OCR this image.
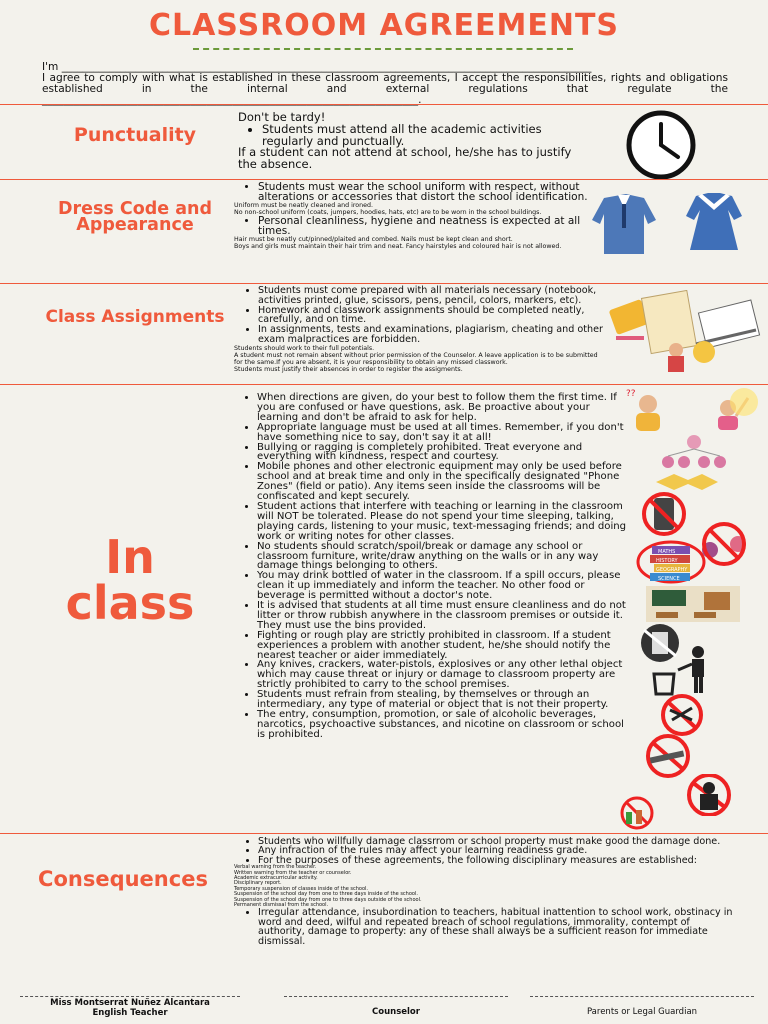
CLASSROOM AGREEMENTS

I'm ____________________________________________________________________________________________________

I agree to comply with what is established in these classroom agreements, I accept the responsibilities, rights and obligations established in the internal and external regulations that regulate the _______________________________________________________________________.

Punctuality
Don't be tardy!
• Students must attend all the academic activities regularly and punctually.
If a student can not attend at school, he/she has to justify the absence.
Dress Code and Appearance
• Students must wear the school uniform with respect, without alterations or accessories that distort the school identification.
Uniform must be neatly cleaned and ironed.
No non-school uniform (coats, jumpers, hoodies, hats, etc) are to be worn in the school buildings.
• Personal cleanliness, hygiene and neatness is expected at all times.
Hair must be neatly cut/pinned/plaited and combed. Nails must be kept clean and short.
Boys and girls must maintain their hair trim and neat. Fancy hairstyles and coloured hair is not allowed.
Class Assignments
• Students must come prepared with all materials necessary (notebook, activities printed, glue, scissors, pens, pencil, colors, markers, etc).
• Homework and classwork assignments should be completed neatly, carefully, and on time.
• In assignments, tests and examinations, plagiarism, cheating and other exam malpractices are forbidden.
Students should work to their full potentials.
A student must not remain absent without prior permission of the Counselor. A leave application is to be submitted for the same.If you are absent, it is your responsibility to obtain any missed classwork.
Students must justify their absences in order to register the assigments.
In
class
• When directions are given, do your best to follow them the first time. If you are confused or have questions, ask. Be proactive about your learning and don't be afraid to ask for help.
• Appropriate language must be used at all times. Remember, if you don't have something nice to say, don't say it at all!
• Bullying or ragging is completely prohibited. Treat everyone and everything with kindness, respect and courtesy.
• Mobile phones and other electronic equipment may only be used before school and at break time and only in the specifically designated "Phone Zones" (field or patio). Any items seen inside the classrooms will be confiscated and kept securely.
• Student actions that interfere with teaching or learning in the classroom will NOT be tolerated. Please do not spend your time sleeping, talking, playing cards, listening to your music, text-messaging friends; and doing work or writing notes for other classes.
• No students should scratch/spoil/break or damage any school or classroom furniture, write/draw anything on the walls or in any way damage things belonging to others.
• You may drink bottled of water in the classroom. If a spill occurs, please clean it up immediately and inform the teacher. No other food or beverage is permitted without a doctor's note.
• It is advised that students at all time must ensure cleanliness and do not litter or throw rubbish anywhere in the classroom premises or outside it. They must use the bins provided.
• Fighting or rough play are strictly prohibited in classroom. If a student experiences a problem with another student, he/she should notify the nearest teacher or aider immediately.
• Any knives, crackers, water-pistols, explosives or any other lethal object which may cause threat or injury or damage to classroom property are strictly prohibited to carry to the school premises.
• Students must refrain from stealing, by themselves or through an intermediary, any type of material or object that is not their property.
• The entry, consumption, promotion, or sale of alcoholic beverages, narcotics, psychoactive substances, and nicotine on classroom or school is prohibited.
??
MATHS
HISTORY
GEOGRAPHY
SCIENCE
Consequences
• Students who willfully damage classrrom or school property must make good the damage done.
• Any infraction of the rules may affect your learning readiness grade.
• For the purposes of these agreements, the following disciplinary measures are established:
Verbal warning from the teacher.
Written warning from the teacher or counselor.
Academic extracurricular activity.
Disciplinary report.
Temporary suspension of classes inside of the school.
Suspension of the school day from one to three days inside of the school.
Suspension of the school day from one to three days outside of the school.
Permanent dismissal from the school.
• Irregular attendance, insubordination to teachers, habitual inattention to school work, obstinacy in word and deed, wilful and repeated breach of school regulations, immorality, contempt of authority, damage to property: any of these shall always be a sufficient reason for immediate dismissal.
Miss Montserrat Nuñez Alcantara
English Teacher	Counselor	Parents or Legal Guardian
